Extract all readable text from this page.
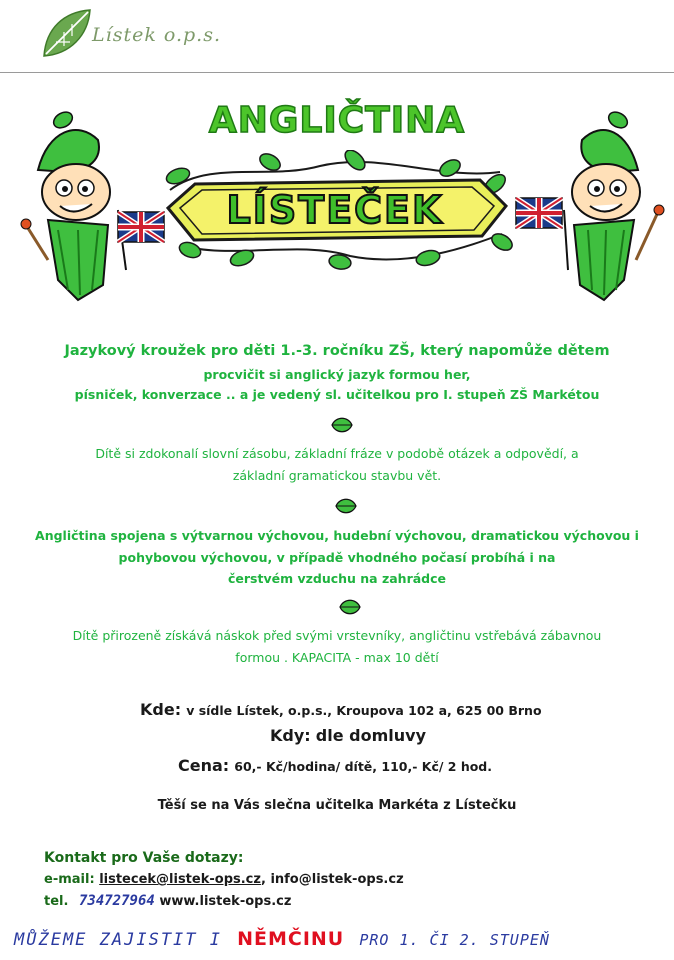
Lístek o.p.s.
ANGLIČTINA
LÍSTEČEK
Jazykový kroužek pro děti 1.-3. ročníku ZŠ, který napomůže dětem
procvičit si anglický jazyk formou her,
písniček, konverzace .. a je vedený sl. učitelkou pro I. stupeň ZŠ Markétou
Dítě si zdokonalí slovní zásobu, základní fráze v podobě otázek a odpovědí, a
základní gramatickou stavbu vět.
Angličtina spojena s výtvarnou výchovou, hudební výchovou, dramatickou výchovou i
pohybovou výchovou, v případě vhodného počasí probíhá i na
čerstvém vzduchu na zahrádce
Dítě přirozeně získává náskok před svými vrstevníky, angličtinu vstřebává zábavnou
formou . KAPACITA - max 10 dětí
Kde: v sídle Lístek, o.p.s., Kroupova 102 a, 625 00 Brno
Kdy: dle domluvy
Cena: 60,- Kč/hodina/ dítě, 110,- Kč/ 2 hod.
Těší se na Vás slečna učitelka Markéta z Lístečku
Kontakt pro Vaše dotazy:
e-mail: listecek@listek-ops.cz, info@listek-ops.cz
tel. 734727964 www.listek-ops.cz
MŮŽEME ZAJISTIT I NĚMČINU PRO 1. ČI 2. STUPEŇ
